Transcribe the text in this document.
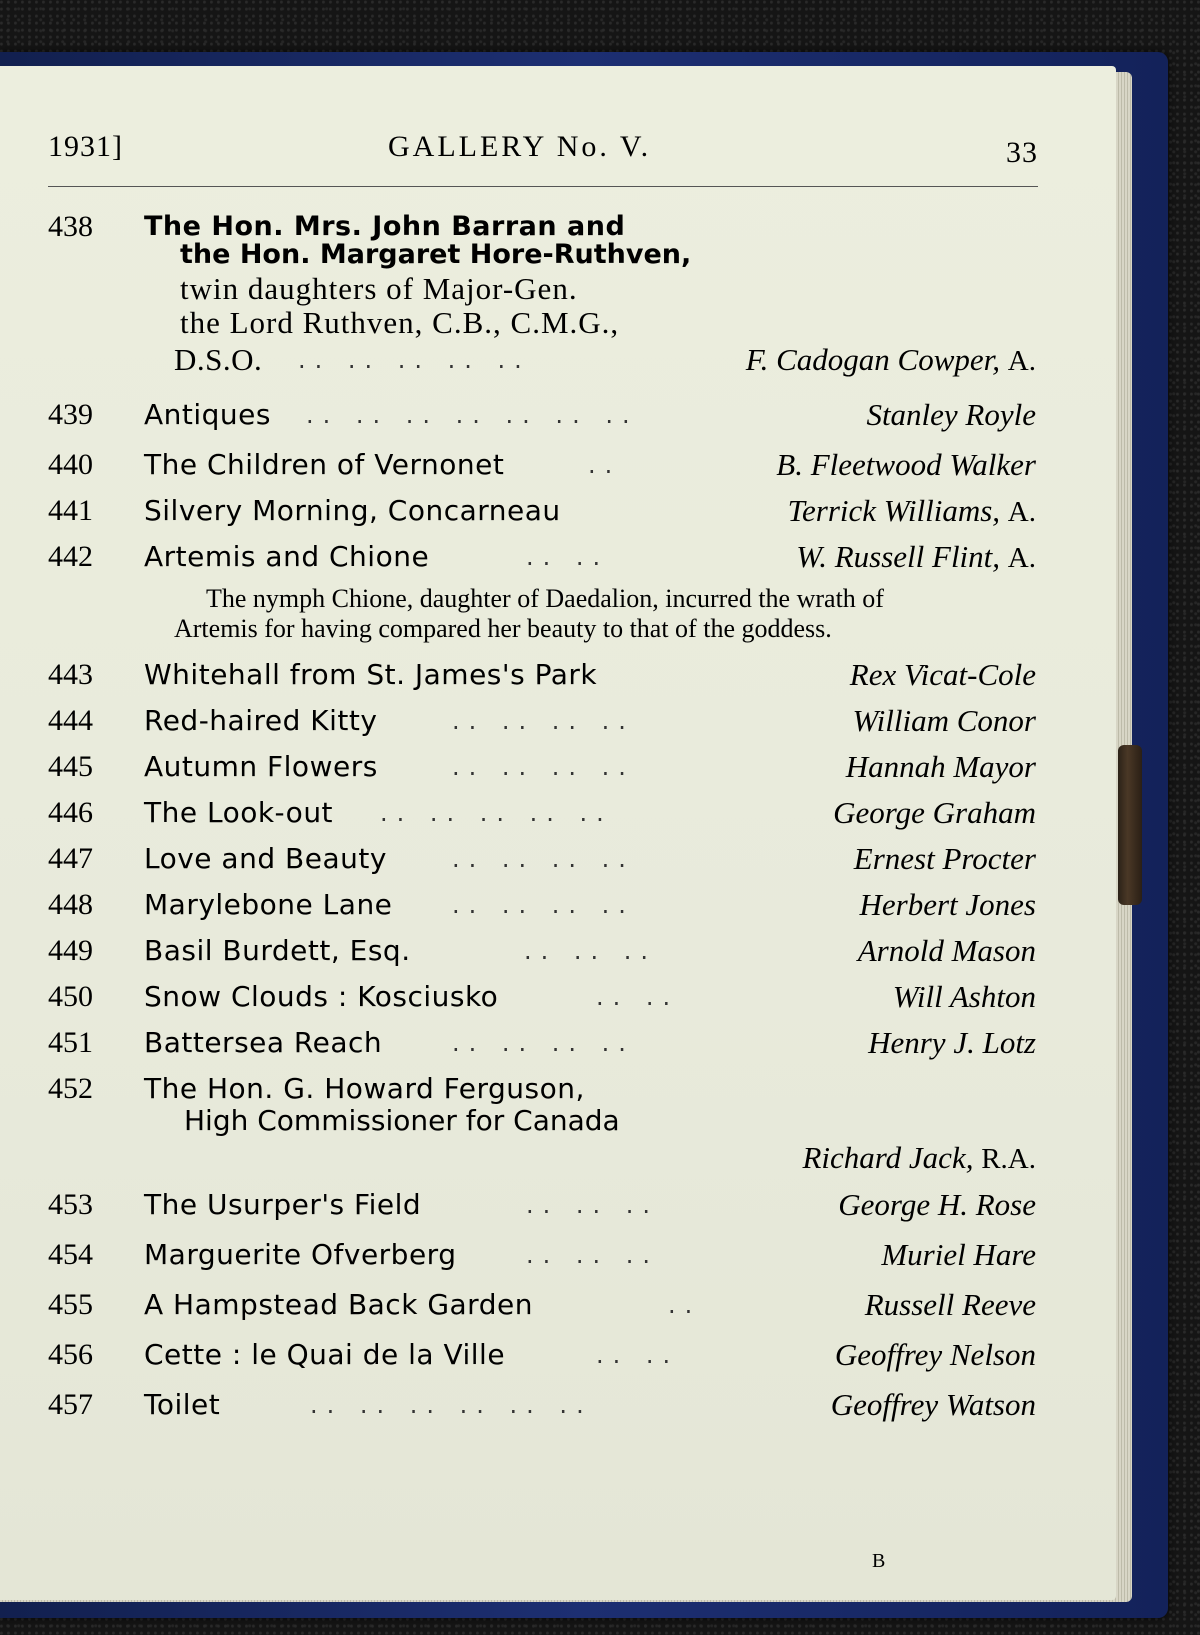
1931]	GALLERY No. V.	33
438 The Hon. Mrs. John Barran and
the Hon. Margaret Hore-Ruthven,
twin daughters of Major-Gen.
the Lord Ruthven, C.B., C.M.G.,
D.S.O. .. .. .. .. ..	F. Cadogan Cowper, A.
439 Antiques .. .. .. .. .. .. ..	Stanley Royle
440 The Children of Vernonet	..	B. Fleetwood Walker
441 Silvery Morning, Concarneau	Terrick Williams, A.
442 Artemis and Chione	.. ..	W. Russell Flint, A.
The nymph Chione, daughter of Daedalion, incurred the wrath of Artemis for having compared her beauty to that of the goddess.
443 Whitehall from St. James's Park	Rex Vicat-Cole
444 Red-haired Kitty	.. .. .. ..	William Conor
445 Autumn Flowers	.. .. .. ..	Hannah Mayor
446 The Look-out .. .. .. .. ..	George Graham
447 Love and Beauty	.. .. .. ..	Ernest Procter
448 Marylebone Lane .. .. .. ..	Herbert Jones
449 Basil Burdett, Esq.	.. .. ..	Arnold Mason
450 Snow Clouds : Kosciusko	.. ..	Will Ashton
451 Battersea Reach	.. .. .. ..	Henry J. Lotz
452 The Hon. G. Howard Ferguson,
High Commissioner for Canada
Richard Jack, R.A.
453 The Usurper's Field	.. .. ..	George H. Rose
454 Marguerite Ofverberg	.. .. ..	Muriel Hare
455 A Hampstead Back Garden	..	Russell Reeve
456 Cette : le Quai de la Ville	.. ..	Geoffrey Nelson
457 Toilet	.. .. .. .. .. ..	Geoffrey Watson
B
